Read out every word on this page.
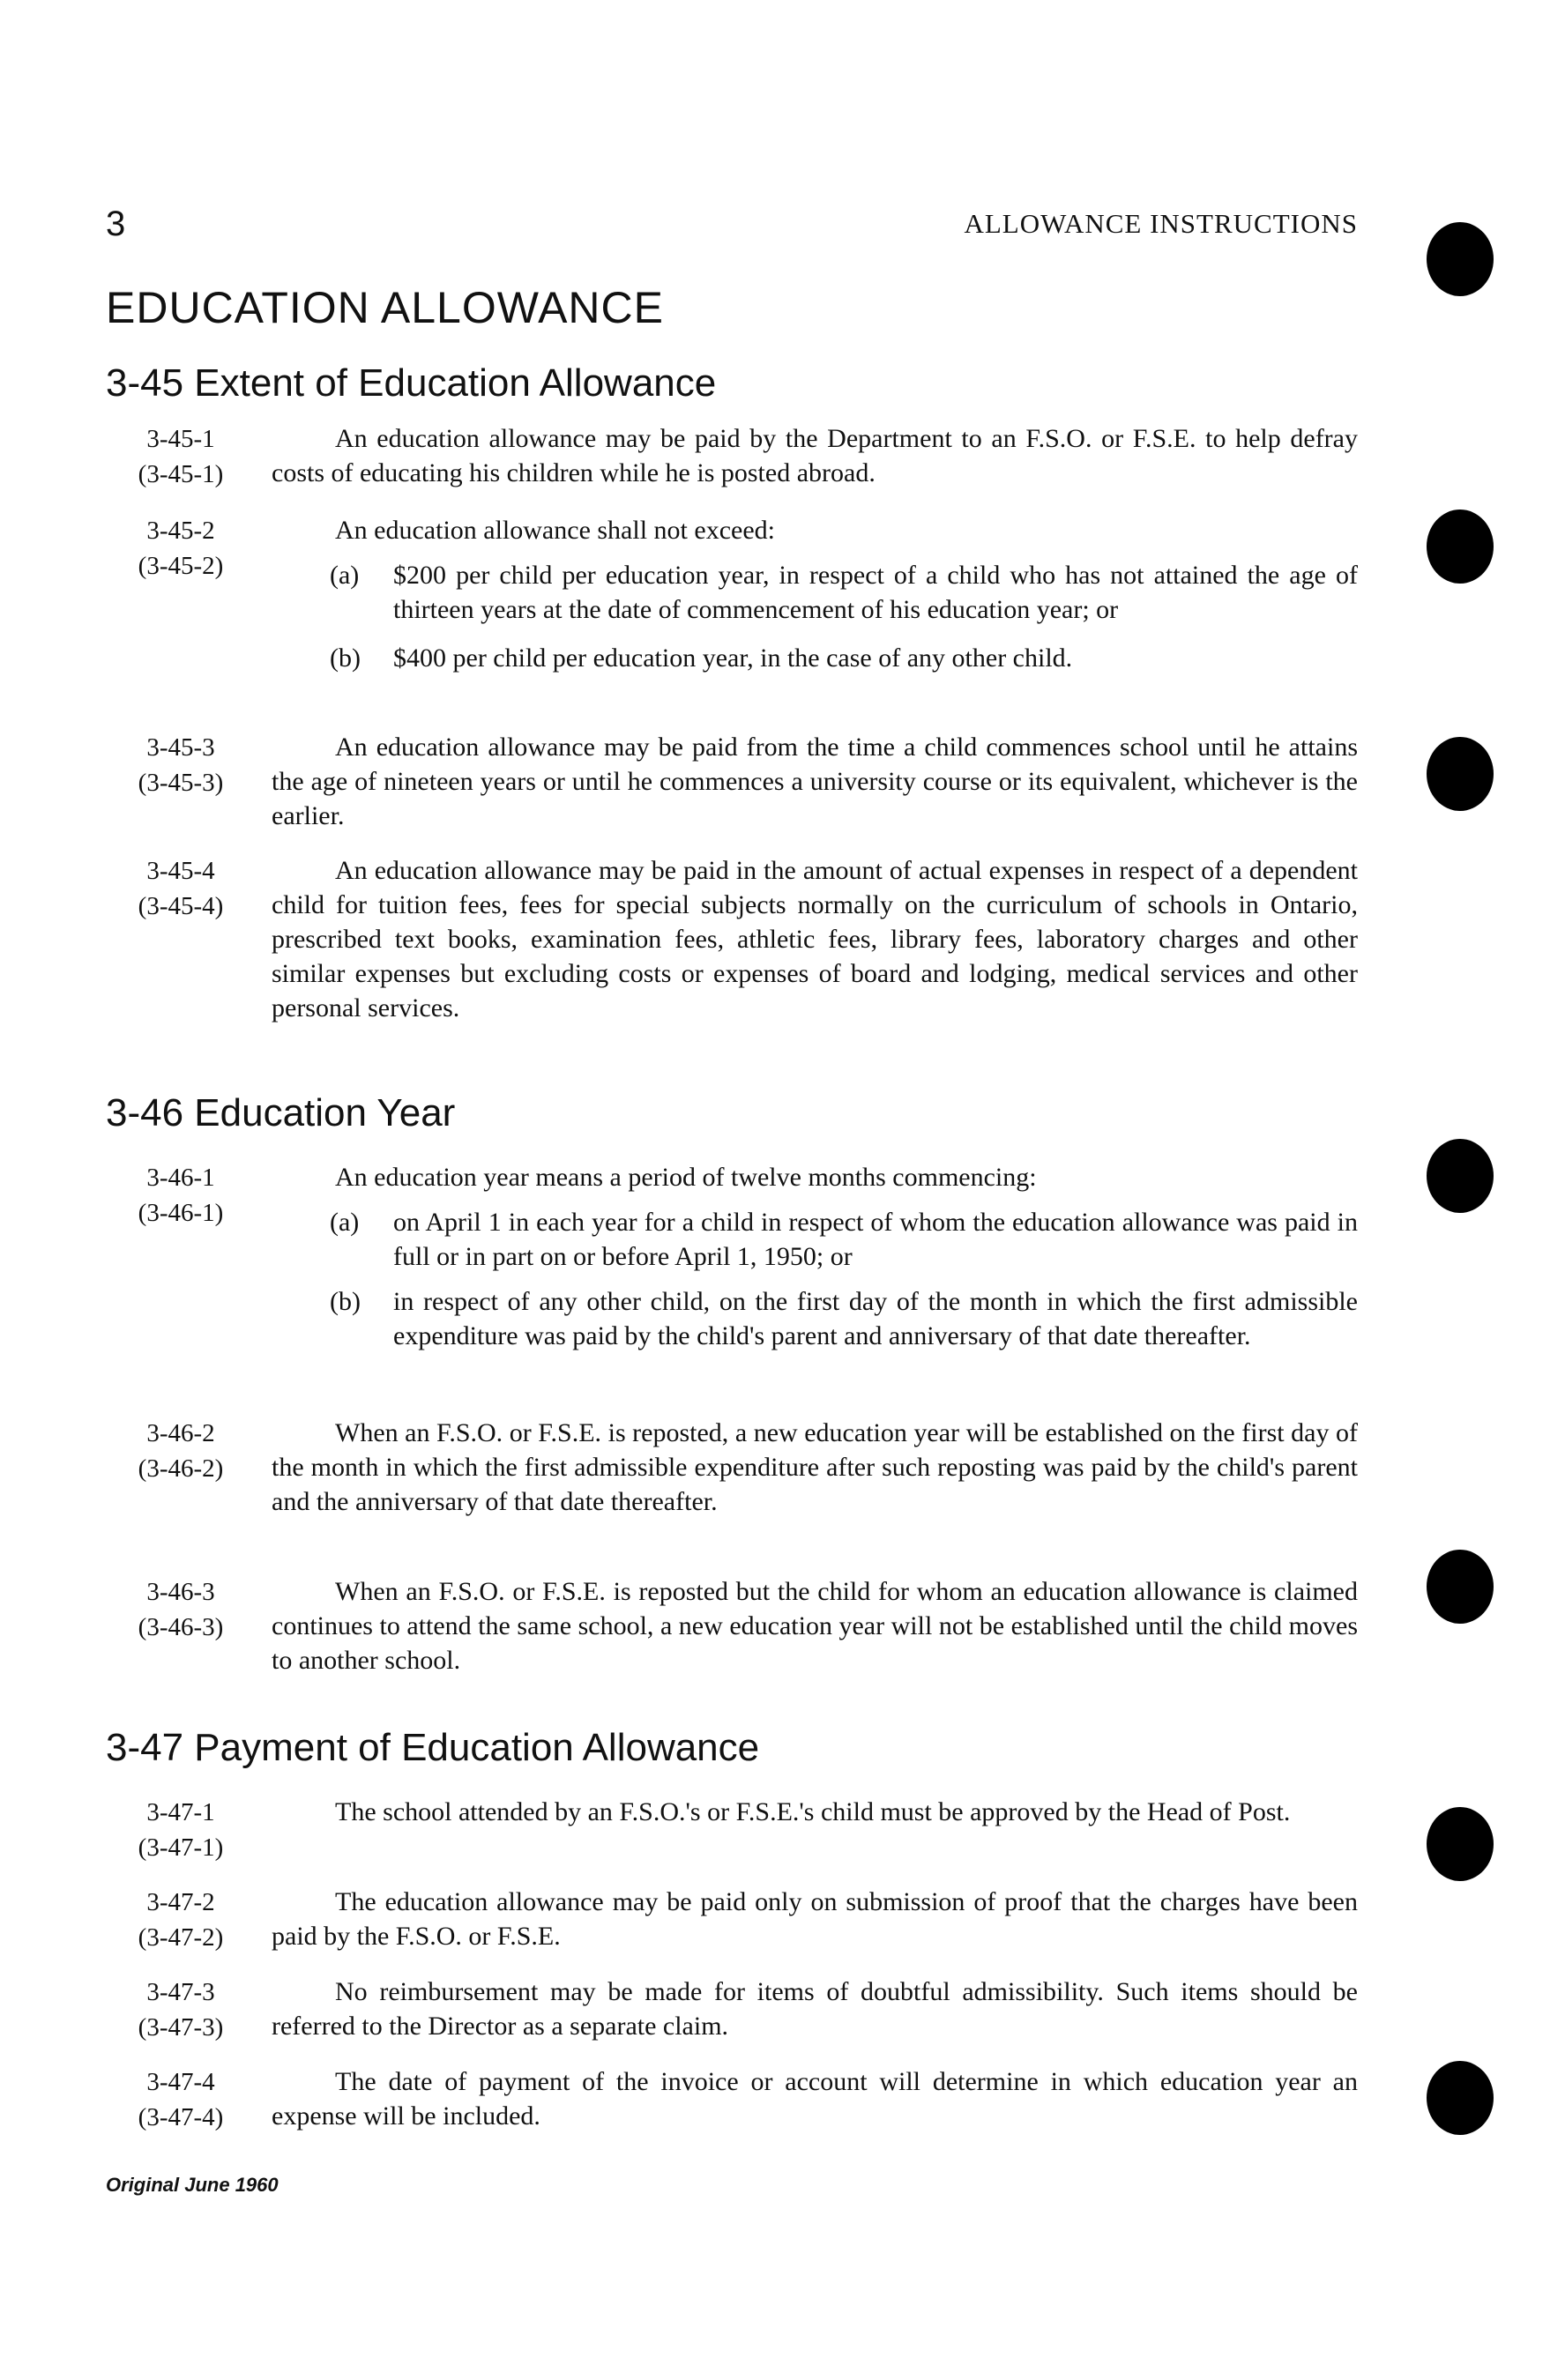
3	ALLOWANCE INSTRUCTIONS
EDUCATION ALLOWANCE
3-45 Extent of Education Allowance
3-45-1
(3-45-1)
An education allowance may be paid by the Department to an F.S.O. or F.S.E. to help defray costs of educating his children while he is posted abroad.
3-45-2
(3-45-2)
An education allowance shall not exceed:
(a) $200 per child per education year, in respect of a child who has not attained the age of thirteen years at the date of commencement of his education year; or
(b) $400 per child per education year, in the case of any other child.
3-45-3
(3-45-3)
An education allowance may be paid from the time a child commences school until he attains the age of nineteen years or until he commences a university course or its equivalent, whichever is the earlier.
3-45-4
(3-45-4)
An education allowance may be paid in the amount of actual expenses in respect of a dependent child for tuition fees, fees for special subjects normally on the curriculum of schools in Ontario, prescribed text books, examination fees, athletic fees, library fees, laboratory charges and other similar expenses but excluding costs or expenses of board and lodging, medical services and other personal services.
3-46 Education Year
3-46-1
(3-46-1)
An education year means a period of twelve months commencing:
(a) on April 1 in each year for a child in respect of whom the education allowance was paid in full or in part on or before April 1, 1950; or
(b) in respect of any other child, on the first day of the month in which the first admissible expenditure was paid by the child's parent and anniversary of that date thereafter.
3-46-2
(3-46-2)
When an F.S.O. or F.S.E. is reposted, a new education year will be established on the first day of the month in which the first admissible expenditure after such reposting was paid by the child's parent and the anniversary of that date thereafter.
3-46-3
(3-46-3)
When an F.S.O. or F.S.E. is reposted but the child for whom an education allowance is claimed continues to attend the same school, a new education year will not be established until the child moves to another school.
3-47 Payment of Education Allowance
3-47-1
(3-47-1)
The school attended by an F.S.O.'s or F.S.E.'s child must be approved by the Head of Post.
3-47-2
(3-47-2)
The education allowance may be paid only on submission of proof that the charges have been paid by the F.S.O. or F.S.E.
3-47-3
(3-47-3)
No reimbursement may be made for items of doubtful admissibility. Such items should be referred to the Director as a separate claim.
3-47-4
(3-47-4)
The date of payment of the invoice or account will determine in which education year an expense will be included.
Original June 1960
